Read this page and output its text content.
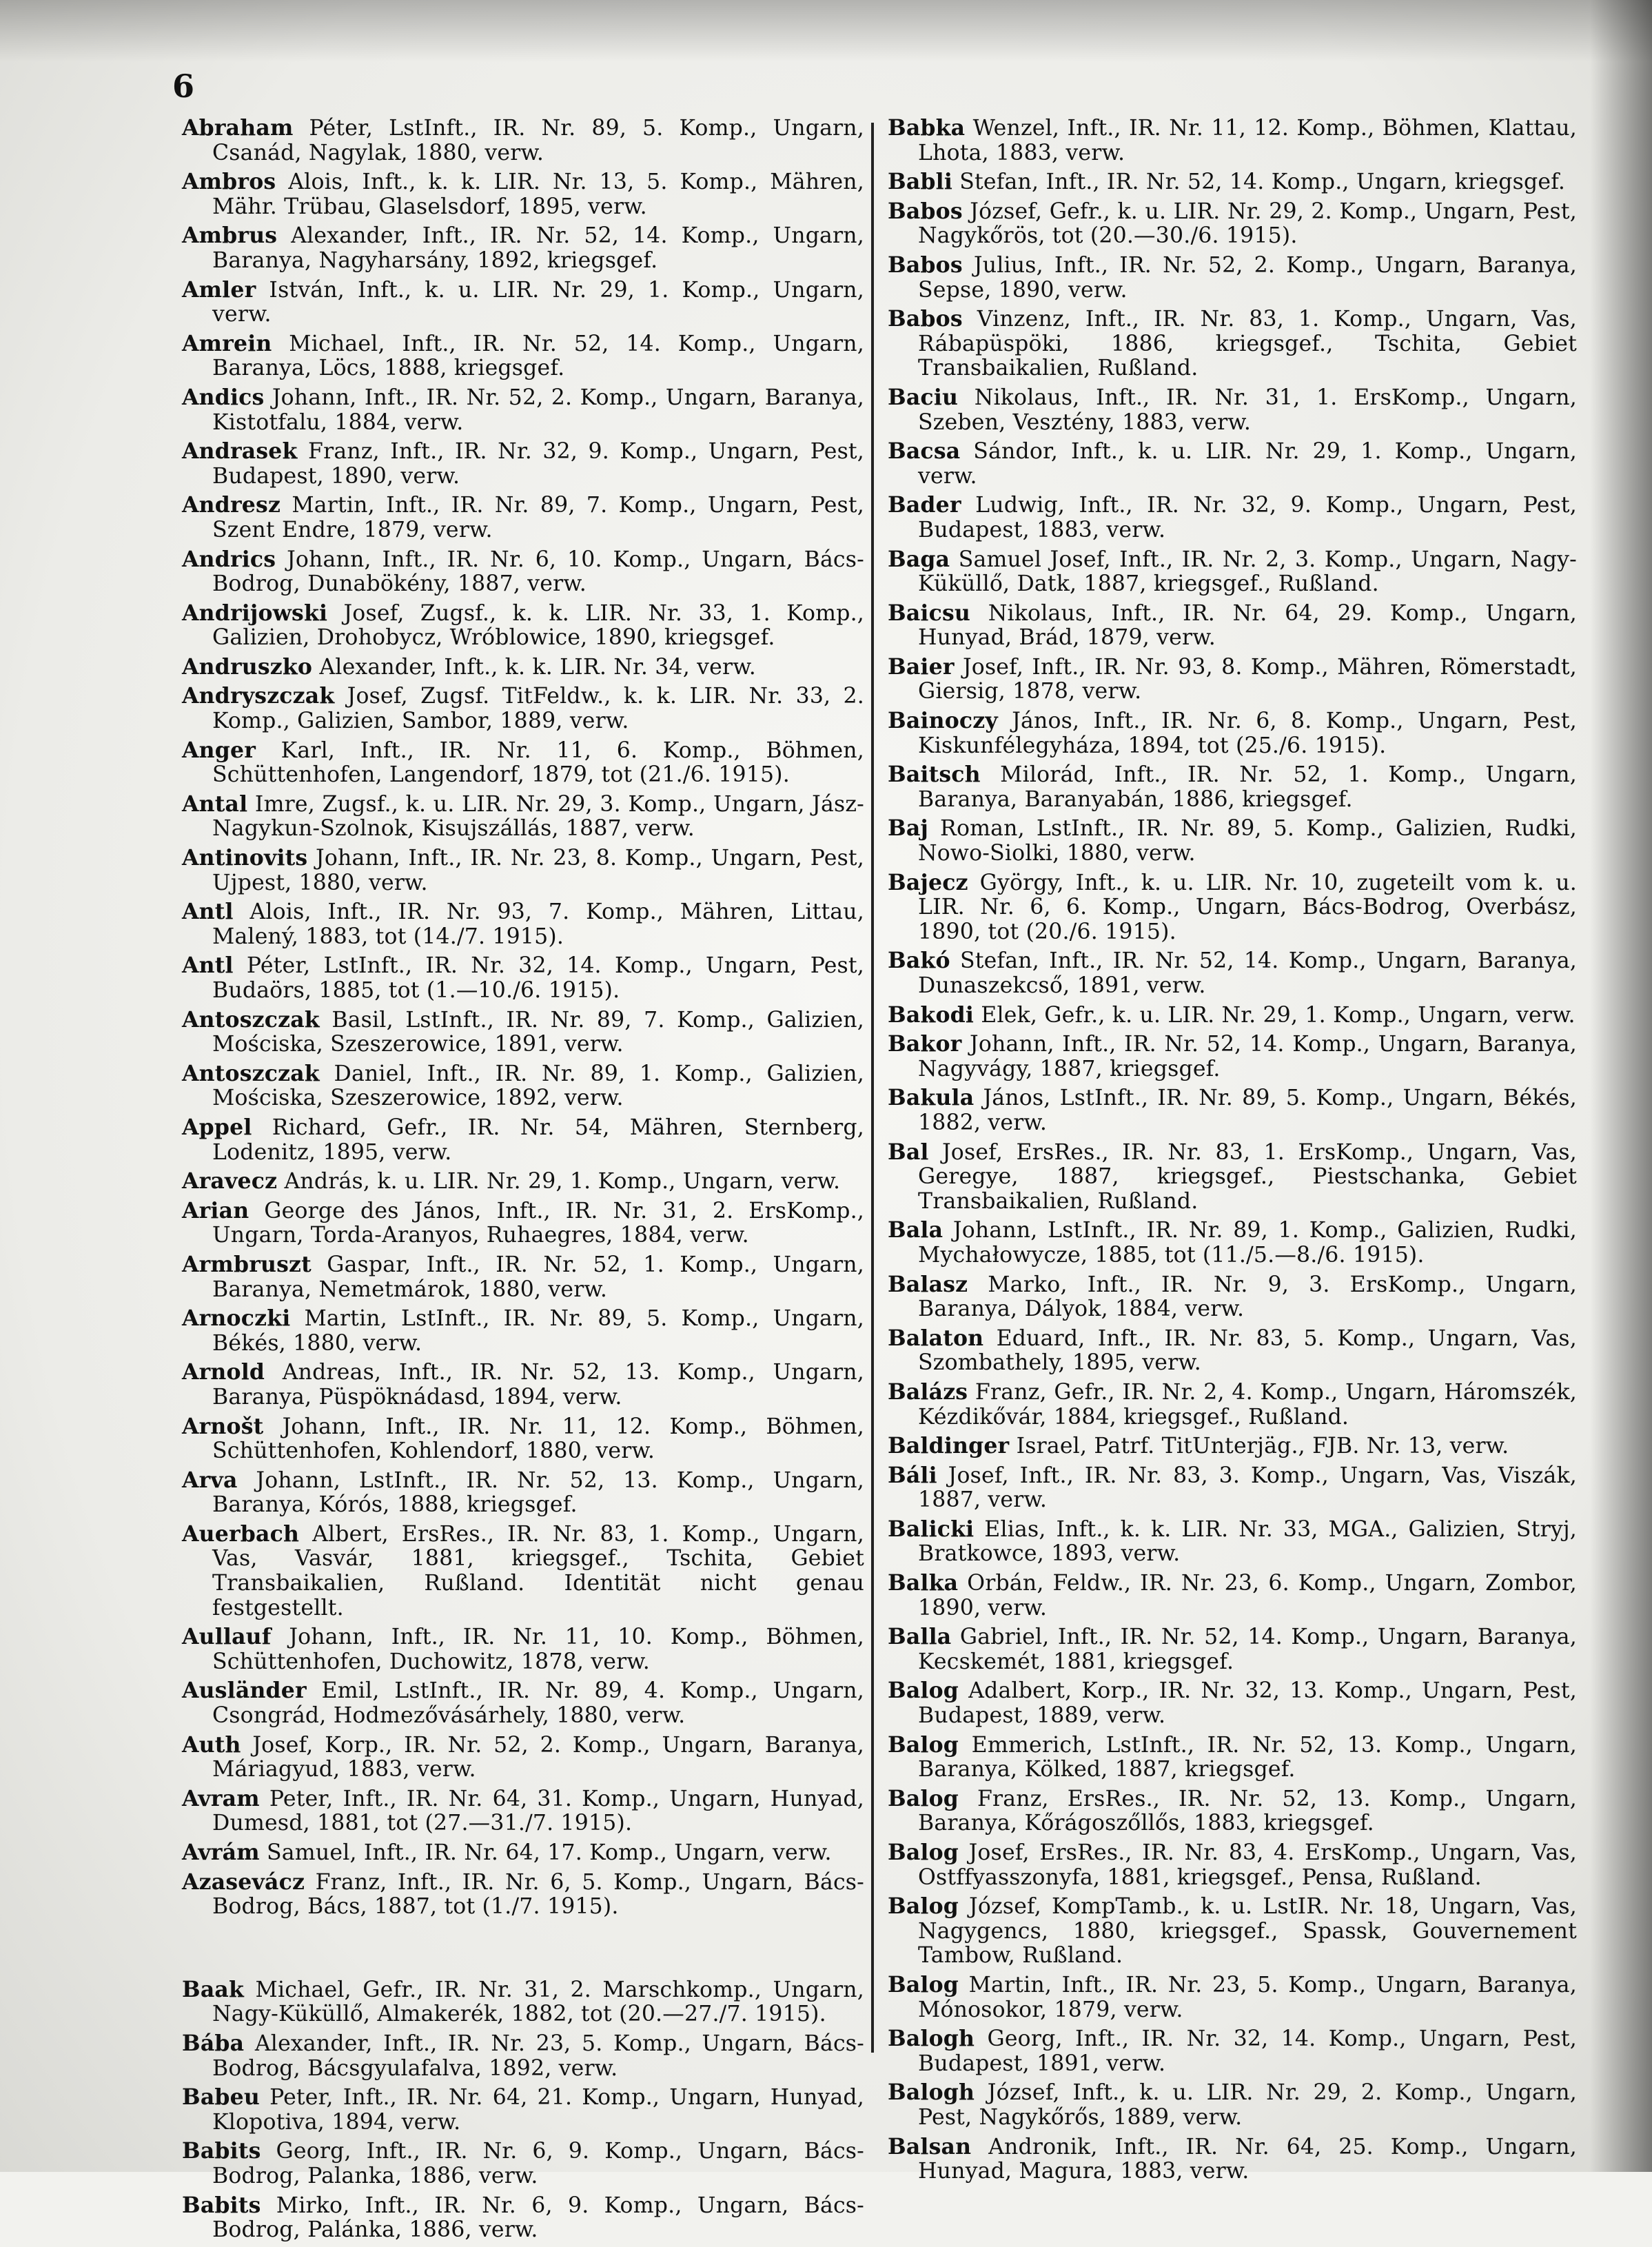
6
Abraham Péter, LstInft., IR. Nr. 89, 5. Komp., Ungarn, Csanád, Nagylak, 1880, verw.
Ambros Alois, Inft., k. k. LIR. Nr. 13, 5. Komp., Mähren, Mähr. Trübau, Glaselsdorf, 1895, verw.
Ambrus Alexander, Inft., IR. Nr. 52, 14. Komp., Ungarn, Baranya, Nagyharsány, 1892, kriegsgef.
Amler István, Inft., k. u. LIR. Nr. 29, 1. Komp., Ungarn, verw.
Amrein Michael, Inft., IR. Nr. 52, 14. Komp., Ungarn, Baranya, Löcs, 1888, kriegsgef.
Andics Johann, Inft., IR. Nr. 52, 2. Komp., Ungarn, Baranya, Kistotfalu, 1884, verw.
Andrasek Franz, Inft., IR. Nr. 32, 9. Komp., Ungarn, Pest, Budapest, 1890, verw.
Andresz Martin, Inft., IR. Nr. 89, 7. Komp., Ungarn, Pest, Szent Endre, 1879, verw.
Andrics Johann, Inft., IR. Nr. 6, 10. Komp., Ungarn, Bács-Bodrog, Dunabökény, 1887, verw.
Andrijowski Josef, Zugsf., k. k. LIR. Nr. 33, 1. Komp., Galizien, Drohobycz, Wróblowice, 1890, kriegsgef.
Andruszko Alexander, Inft., k. k. LIR. Nr. 34, verw.
Andryszczak Josef, Zugsf. TitFeldw., k. k. LIR. Nr. 33, 2. Komp., Galizien, Sambor, 1889, verw.
Anger Karl, Inft., IR. Nr. 11, 6. Komp., Böhmen, Schüttenhofen, Langendorf, 1879, tot (21./6. 1915).
Antal Imre, Zugsf., k. u. LIR. Nr. 29, 3. Komp., Ungarn, Jász-Nagykun-Szolnok, Kisujszállás, 1887, verw.
Antinovits Johann, Inft., IR. Nr. 23, 8. Komp., Ungarn, Pest, Ujpest, 1880, verw.
Antl Alois, Inft., IR. Nr. 93, 7. Komp., Mähren, Littau, Malený, 1883, tot (14./7. 1915).
Antl Péter, LstInft., IR. Nr. 32, 14. Komp., Ungarn, Pest, Budaörs, 1885, tot (1.—10./6. 1915).
Antoszczak Basil, LstInft., IR. Nr. 89, 7. Komp., Galizien, Mościska, Szeszerowice, 1891, verw.
Antoszczak Daniel, Inft., IR. Nr. 89, 1. Komp., Galizien, Mościska, Szeszerowice, 1892, verw.
Appel Richard, Gefr., IR. Nr. 54, Mähren, Sternberg, Lodenitz, 1895, verw.
Aravecz András, k. u. LIR. Nr. 29, 1. Komp., Ungarn, verw.
Arian George des János, Inft., IR. Nr. 31, 2. ErsKomp., Ungarn, Torda-Aranyos, Ruhaegres, 1884, verw.
Armbruszt Gaspar, Inft., IR. Nr. 52, 1. Komp., Ungarn, Baranya, Nemetmárok, 1880, verw.
Arnoczki Martin, LstInft., IR. Nr. 89, 5. Komp., Ungarn, Békés, 1880, verw.
Arnold Andreas, Inft., IR. Nr. 52, 13. Komp., Ungarn, Baranya, Püspöknádasd, 1894, verw.
Arnošt Johann, Inft., IR. Nr. 11, 12. Komp., Böhmen, Schüttenhofen, Kohlendorf, 1880, verw.
Arva Johann, LstInft., IR. Nr. 52, 13. Komp., Ungarn, Baranya, Kórós, 1888, kriegsgef.
Auerbach Albert, ErsRes., IR. Nr. 83, 1. Komp., Ungarn, Vas, Vasvár, 1881, kriegsgef., Tschita, Gebiet Transbaikalien, Rußland. Identität nicht genau festgestellt.
Aullauf Johann, Inft., IR. Nr. 11, 10. Komp., Böhmen, Schüttenhofen, Duchowitz, 1878, verw.
Ausländer Emil, LstInft., IR. Nr. 89, 4. Komp., Ungarn, Csongrád, Hodmezővásárhely, 1880, verw.
Auth Josef, Korp., IR. Nr. 52, 2. Komp., Ungarn, Baranya, Máriagyud, 1883, verw.
Avram Peter, Inft., IR. Nr. 64, 31. Komp., Ungarn, Hunyad, Dumesd, 1881, tot (27.—31./7. 1915).
Avrám Samuel, Inft., IR. Nr. 64, 17. Komp., Ungarn, verw.
Azasevácz Franz, Inft., IR. Nr. 6, 5. Komp., Ungarn, Bács-Bodrog, Bács, 1887, tot (1./7. 1915).
Baak Michael, Gefr., IR. Nr. 31, 2. Marschkomp., Ungarn, Nagy-Küküllő, Almakerék, 1882, tot (20.—27./7. 1915).
Bába Alexander, Inft., IR. Nr. 23, 5. Komp., Ungarn, Bács-Bodrog, Bácsgyulafalva, 1892, verw.
Babeu Peter, Inft., IR. Nr. 64, 21. Komp., Ungarn, Hunyad, Klopotiva, 1894, verw.
Babits Georg, Inft., IR. Nr. 6, 9. Komp., Ungarn, Bács-Bodrog, Palanka, 1886, verw.
Babits Mirko, Inft., IR. Nr. 6, 9. Komp., Ungarn, Bács-Bodrog, Palánka, 1886, verw.
Babka Wenzel, Inft., IR. Nr. 11, 12. Komp., Böhmen, Klattau, Lhota, 1883, verw.
Babli Stefan, Inft., IR. Nr. 52, 14. Komp., Ungarn, kriegsgef.
Babos József, Gefr., k. u. LIR. Nr. 29, 2. Komp., Ungarn, Pest, Nagykőrös, tot (20.—30./6. 1915).
Babos Julius, Inft., IR. Nr. 52, 2. Komp., Ungarn, Baranya, Sepse, 1890, verw.
Babos Vinzenz, Inft., IR. Nr. 83, 1. Komp., Ungarn, Vas, Rábapüspöki, 1886, kriegsgef., Tschita, Gebiet Transbaikalien, Rußland.
Baciu Nikolaus, Inft., IR. Nr. 31, 1. ErsKomp., Ungarn, Szeben, Vesztény, 1883, verw.
Bacsa Sándor, Inft., k. u. LIR. Nr. 29, 1. Komp., Ungarn, verw.
Bader Ludwig, Inft., IR. Nr. 32, 9. Komp., Ungarn, Pest, Budapest, 1883, verw.
Baga Samuel Josef, Inft., IR. Nr. 2, 3. Komp., Ungarn, Nagy-Küküllő, Datk, 1887, kriegsgef., Rußland.
Baicsu Nikolaus, Inft., IR. Nr. 64, 29. Komp., Ungarn, Hunyad, Brád, 1879, verw.
Baier Josef, Inft., IR. Nr. 93, 8. Komp., Mähren, Römerstadt, Giersig, 1878, verw.
Bainoczy János, Inft., IR. Nr. 6, 8. Komp., Ungarn, Pest, Kiskunfélegyháza, 1894, tot (25./6. 1915).
Baitsch Milorád, Inft., IR. Nr. 52, 1. Komp., Ungarn, Baranya, Baranyabán, 1886, kriegsgef.
Baj Roman, LstInft., IR. Nr. 89, 5. Komp., Galizien, Rudki, Nowo-Siolki, 1880, verw.
Bajecz György, Inft., k. u. LIR. Nr. 10, zugeteilt vom k. u. LIR. Nr. 6, 6. Komp., Ungarn, Bács-Bodrog, Overbász, 1890, tot (20./6. 1915).
Bakó Stefan, Inft., IR. Nr. 52, 14. Komp., Ungarn, Baranya, Dunaszekcső, 1891, verw.
Bakodi Elek, Gefr., k. u. LIR. Nr. 29, 1. Komp., Ungarn, verw.
Bakor Johann, Inft., IR. Nr. 52, 14. Komp., Ungarn, Baranya, Nagyvágy, 1887, kriegsgef.
Bakula János, LstInft., IR. Nr. 89, 5. Komp., Ungarn, Békés, 1882, verw.
Bal Josef, ErsRes., IR. Nr. 83, 1. ErsKomp., Ungarn, Vas, Geregye, 1887, kriegsgef., Piestschanka, Gebiet Transbaikalien, Rußland.
Bala Johann, LstInft., IR. Nr. 89, 1. Komp., Galizien, Rudki, Mychałowycze, 1885, tot (11./5.—8./6. 1915).
Balasz Marko, Inft., IR. Nr. 9, 3. ErsKomp., Ungarn, Baranya, Dályok, 1884, verw.
Balaton Eduard, Inft., IR. Nr. 83, 5. Komp., Ungarn, Vas, Szombathely, 1895, verw.
Balázs Franz, Gefr., IR. Nr. 2, 4. Komp., Ungarn, Háromszék, Kézdikővár, 1884, kriegsgef., Rußland.
Baldinger Israel, Patrf. TitUnterjäg., FJB. Nr. 13, verw.
Báli Josef, Inft., IR. Nr. 83, 3. Komp., Ungarn, Vas, Viszák, 1887, verw.
Balicki Elias, Inft., k. k. LIR. Nr. 33, MGA., Galizien, Stryj, Bratkowce, 1893, verw.
Balka Orbán, Feldw., IR. Nr. 23, 6. Komp., Ungarn, Zombor, 1890, verw.
Balla Gabriel, Inft., IR. Nr. 52, 14. Komp., Ungarn, Baranya, Kecskemét, 1881, kriegsgef.
Balog Adalbert, Korp., IR. Nr. 32, 13. Komp., Ungarn, Pest, Budapest, 1889, verw.
Balog Emmerich, LstInft., IR. Nr. 52, 13. Komp., Ungarn, Baranya, Kölked, 1887, kriegsgef.
Balog Franz, ErsRes., IR. Nr. 52, 13. Komp., Ungarn, Baranya, Kőrágoszőllős, 1883, kriegsgef.
Balog Josef, ErsRes., IR. Nr. 83, 4. ErsKomp., Ungarn, Vas, Ostffyasszonyfa, 1881, kriegsgef., Pensa, Rußland.
Balog József, KompTamb., k. u. LstIR. Nr. 18, Ungarn, Vas, Nagygencs, 1880, kriegsgef., Spassk, Gouvernement Tambow, Rußland.
Balog Martin, Inft., IR. Nr. 23, 5. Komp., Ungarn, Baranya, Mónosokor, 1879, verw.
Balogh Georg, Inft., IR. Nr. 32, 14. Komp., Ungarn, Pest, Budapest, 1891, verw.
Balogh József, Inft., k. u. LIR. Nr. 29, 2. Komp., Ungarn, Pest, Nagykőrős, 1889, verw.
Balsan Andronik, Inft., IR. Nr. 64, 25. Komp., Ungarn, Hunyad, Magura, 1883, verw.
